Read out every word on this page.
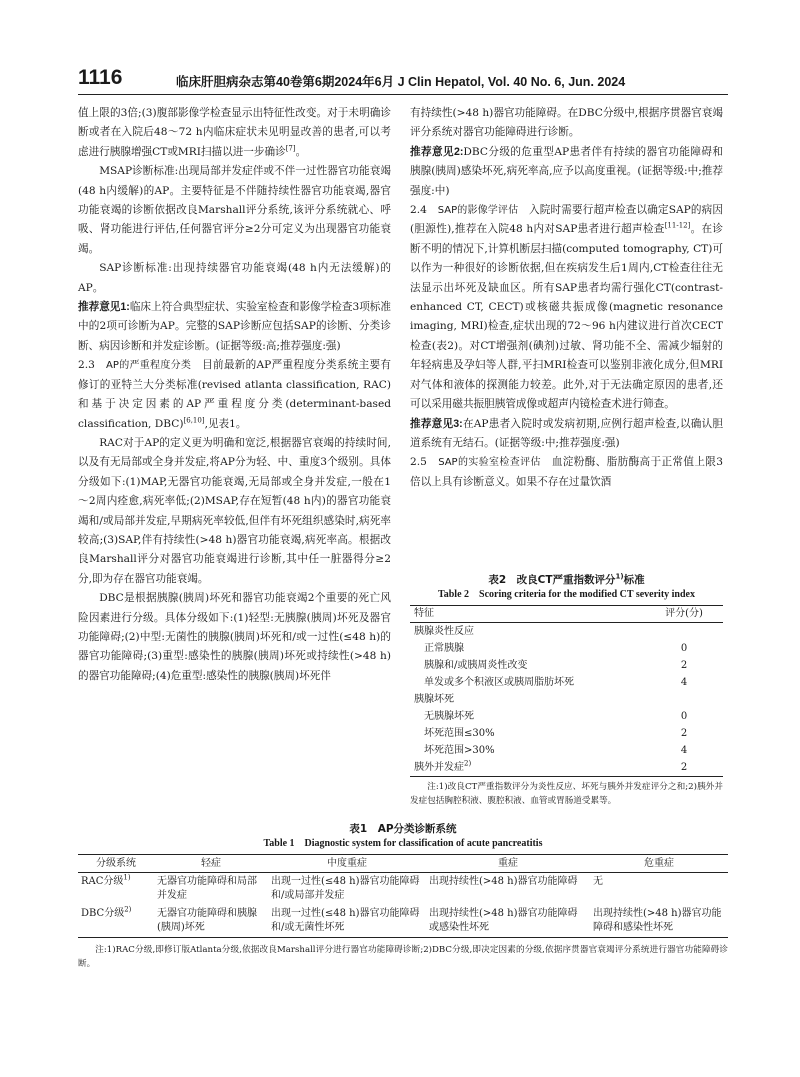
1116	临床肝胆病杂志第40卷第6期2024年6月 J Clin Hepatol, Vol. 40 No. 6, Jun. 2024

值上限的3倍;(3)腹部影像学检查显示出特征性改变。对于未明确诊断或者在入院后48～72 h内临床症状未见明显改善的患者,可以考虑进行胰腺增强CT或MRI扫描以进一步确诊[7]。

MSAP诊断标准:出现局部并发症伴或不伴一过性器官功能衰竭(48 h内缓解)的AP。主要特征是不伴随持续性器官功能衰竭,器官功能衰竭的诊断依据改良Marshall评分系统,该评分系统就心、呼吸、肾功能进行评估,任何器官评分≥2分可定义为出现器官功能衰竭。

SAP诊断标准:出现持续器官功能衰竭(48 h内无法缓解)的AP。

推荐意见1:临床上符合典型症状、实验室检查和影像学检查3项标准中的2项可诊断为AP。完整的SAP诊断应包括SAP的诊断、分类诊断、病因诊断和并发症诊断。(证据等级:高;推荐强度:强)

2.3　AP的严重程度分类　目前最新的AP严重程度分类系统主要有修订的亚特兰大分类标准(revised atlanta classification, RAC)和基于决定因素的AP严重程度分类(determinant-based classification, DBC)[6,10],见表1。

RAC对于AP的定义更为明确和宽泛,根据器官衰竭的持续时间,以及有无局部或全身并发症,将AP分为轻、中、重度3个级别。具体分级如下:(1)MAP,无器官功能衰竭,无局部或全身并发症,一般在1～2周内痊愈,病死率低;(2)MSAP,存在短暂(48 h内)的器官功能衰竭和/或局部并发症,早期病死率较低,但伴有坏死组织感染时,病死率较高;(3)SAP,伴有持续性(>48 h)器官功能衰竭,病死率高。根据改良Marshall评分对器官功能衰竭进行诊断,其中任一脏器得分≥2分,即为存在器官功能衰竭。

DBC是根据胰腺(胰周)坏死和器官功能衰竭2个重要的死亡风险因素进行分级。具体分级如下:(1)轻型:无胰腺(胰周)坏死及器官功能障碍;(2)中型:无菌性的胰腺(胰周)坏死和/或一过性(≤48 h)的器官功能障碍;(3)重型:感染性的胰腺(胰周)坏死或持续性(>48 h)的器官功能障碍;(4)危重型:感染性的胰腺(胰周)坏死伴

有持续性(>48 h)器官功能障碍。在DBC分级中,根据序贯器官衰竭评分系统对器官功能障碍进行诊断。

推荐意见2:DBC分级的危重型AP患者伴有持续的器官功能障碍和胰腺(胰周)感染坏死,病死率高,应予以高度重视。(证据等级:中;推荐强度:中)

2.4　SAP的影像学评估　入院时需要行超声检查以确定SAP的病因(胆源性),推荐在入院48 h内对SAP患者进行超声检查[11-12]。在诊断不明的情况下,计算机断层扫描(computed tomography, CT)可以作为一种很好的诊断依据,但在疾病发生后1周内,CT检查往往无法显示出坏死及缺血区。所有SAP患者均需行强化CT(contrast-enhanced CT, CECT)或核磁共振成像(magnetic resonance imaging, MRI)检查,症状出现的72～96 h内建议进行首次CECT检查(表2)。对CT增强剂(碘剂)过敏、肾功能不全、需减少辐射的年轻病患及孕妇等人群,平扫MRI检查可以鉴别非液化成分,但MRI对气体和液体的探测能力较差。此外,对于无法确定原因的患者,还可以采用磁共振胆胰管成像或超声内镜检查术进行筛查。

推荐意见3:在AP患者入院时或发病初期,应例行超声检查,以确认胆道系统有无结石。(证据等级:中;推荐强度:强)

2.5　SAP的实验室检查评估　血淀粉酶、脂肪酶高于正常值上限3倍以上具有诊断意义。如果不存在过量饮酒

表2　改良CT严重指数评分$^{1)}$标准
Table 2　Scoring criteria for the modified CT severity index
特征	评分(分)
胰腺炎性反应	
正常胰腺	0
胰腺和/或胰周炎性改变	2
单发或多个积液区或胰周脂肪坏死	4
胰腺坏死	
无胰腺坏死	0
坏死范围≤30%	2
坏死范围>30%	4
胰外并发症$^{2)}$	2
注:1)改良CT严重指数评分为炎性反应、坏死与胰外并发症评分之和;2)胰外并发症包括胸腔积液、腹腔积液、血管或胃肠道受累等。
表1　AP分类诊断系统
Table 1　Diagnostic system for classification of acute pancreatitis
分级系统	轻症	中度重症	重症	危重症
RAC分级$^{1)}$	无器官功能障碍和局部并发症	出现一过性(≤48 h)器官功能障碍和/或局部并发症	出现持续性(>48 h)器官功能障碍	无
DBC分级$^{2)}$	无器官功能障碍和胰腺(胰周)坏死	出现一过性(≤48 h)器官功能障碍和/或无菌性坏死	出现持续性(>48 h)器官功能障碍或感染性坏死	出现持续性(>48 h)器官功能障碍和感染性坏死
注:1)RAC分级,即修订版Atlanta分级,依据改良Marshall评分进行器官功能障碍诊断;2)DBC分级,即决定因素的分级,依据序贯器官衰竭评分系统进行器官功能障碍诊断。
